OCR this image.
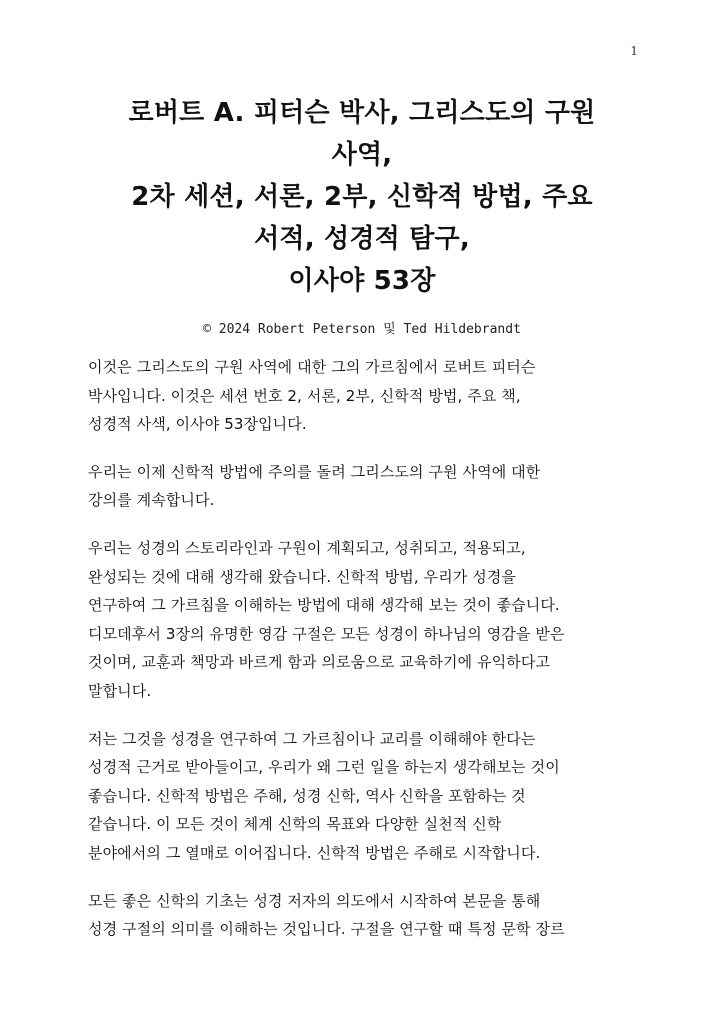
1
로버트 A. 피터슨 박사, 그리스도의 구원
사역,
2차 세션, 서론, 2부, 신학적 방법, 주요
서적, 성경적 탐구,
이사야 53장
© 2024 Robert Peterson 및 Ted Hildebrandt

이것은 그리스도의 구원 사역에 대한 그의 가르침에서 로버트 피터슨
박사입니다. 이것은 세션 번호 2, 서론, 2부, 신학적 방법, 주요 책,
성경적 사색, 이사야 53장입니다.

우리는 이제 신학적 방법에 주의를 돌려 그리스도의 구원 사역에 대한
강의를 계속합니다.

우리는 성경의 스토리라인과 구원이 계획되고, 성취되고, 적용되고,
완성되는 것에 대해 생각해 왔습니다. 신학적 방법, 우리가 성경을
연구하여 그 가르침을 이해하는 방법에 대해 생각해 보는 것이 좋습니다.
디모데후서 3장의 유명한 영감 구절은 모든 성경이 하나님의 영감을 받은
것이며, 교훈과 책망과 바르게 함과 의로움으로 교육하기에 유익하다고
말합니다.

저는 그것을 성경을 연구하여 그 가르침이나 교리를 이해해야 한다는
성경적 근거로 받아들이고, 우리가 왜 그런 일을 하는지 생각해보는 것이
좋습니다. 신학적 방법은 주해, 성경 신학, 역사 신학을 포함하는 것
같습니다. 이 모든 것이 체계 신학의 목표와 다양한 실천적 신학
분야에서의 그 열매로 이어집니다. 신학적 방법은 주해로 시작합니다.

모든 좋은 신학의 기초는 성경 저자의 의도에서 시작하여 본문을 통해
성경 구절의 의미를 이해하는 것입니다. 구절을 연구할 때 특정 문학 장르
